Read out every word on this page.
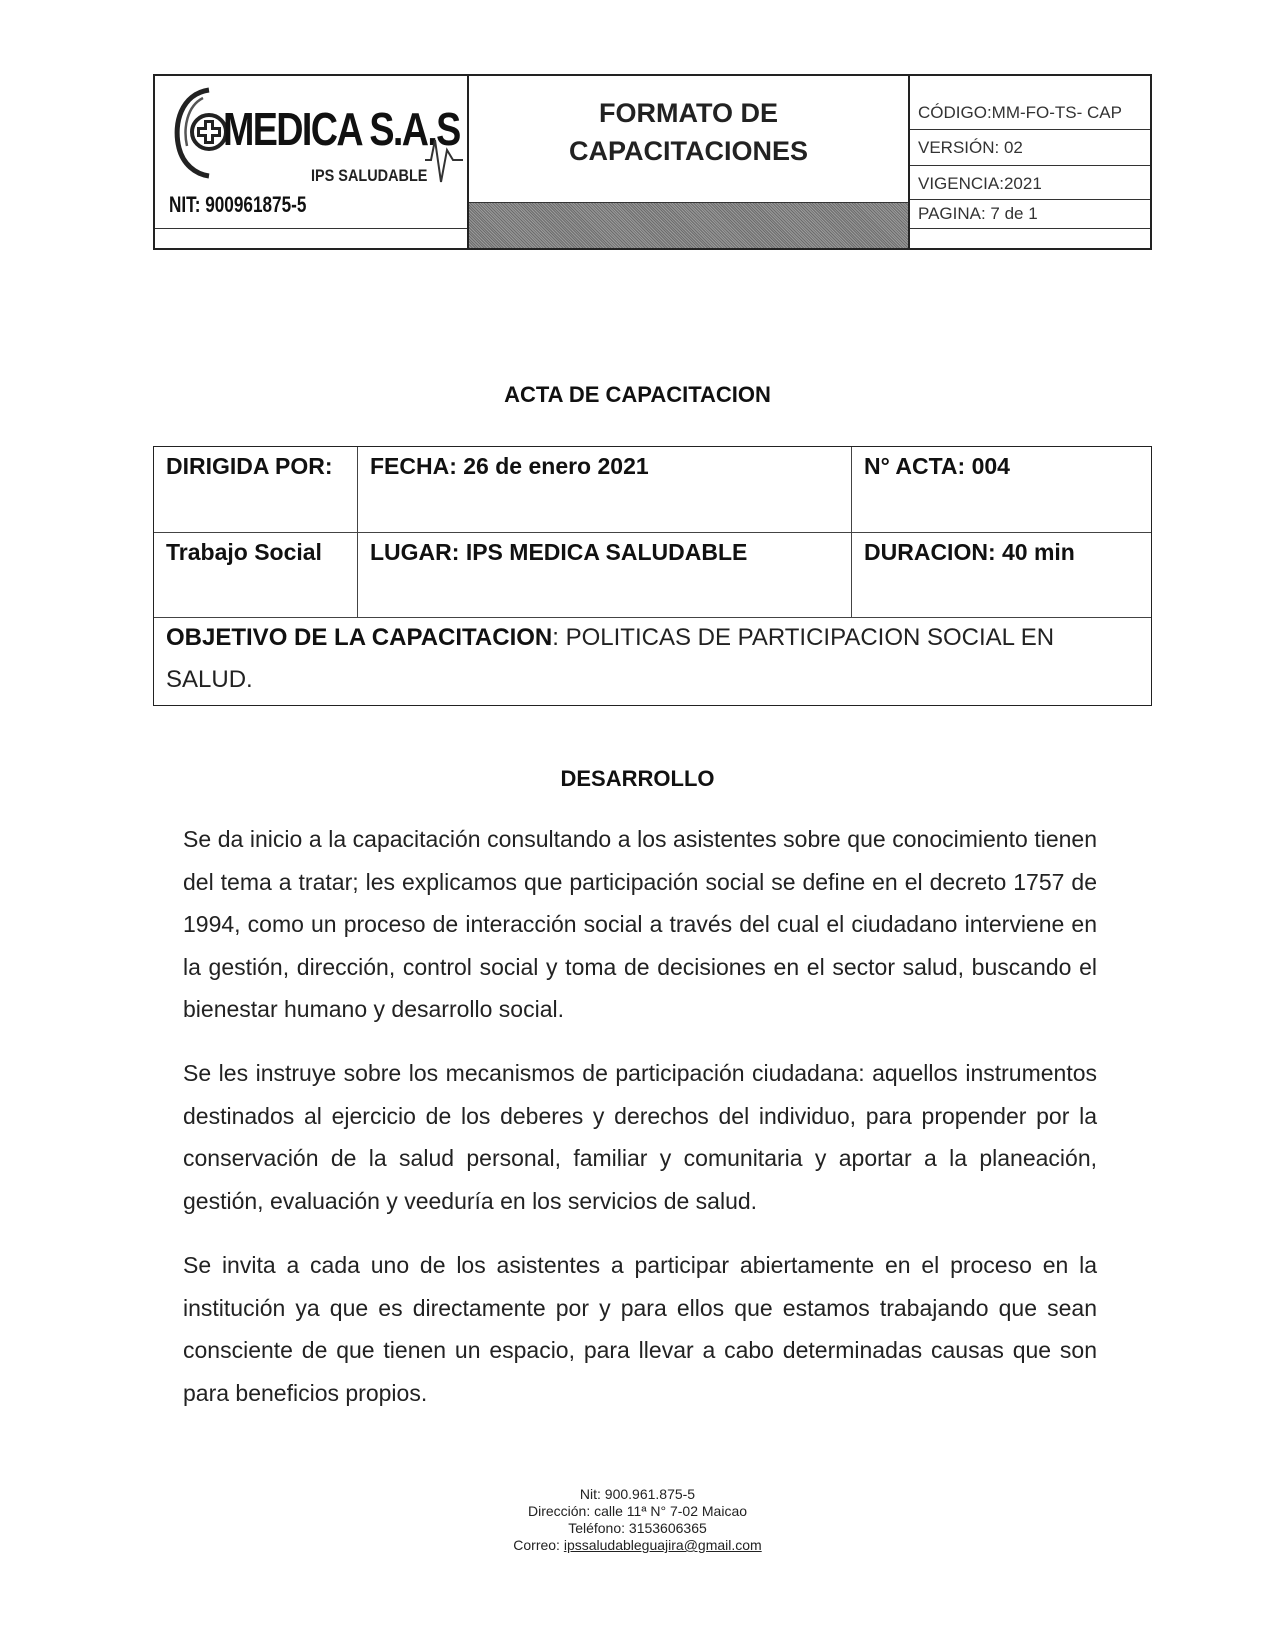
MEDICA S.A.S
IPS SALUDABLE
NIT: 900961875-5
FORMATO DE
CAPACITACIONES
CÓDIGO:MM-FO-TS- CAP
VERSIÓN: 02
VIGENCIA:2021
PAGINA: 7 de 1
ACTA DE CAPACITACION
DIRIGIDA POR: FECHA: 26 de enero 2021	N° ACTA: 004
Trabajo Social LUGAR: IPS MEDICA SALUDABLE	DURACION: 40 min
OBJETIVO DE LA CAPACITACION: POLITICAS DE PARTICIPACION SOCIAL EN SALUD.
DESARROLLO
Se da inicio a la capacitación consultando a los asistentes sobre que conocimiento tienen del tema a tratar; les explicamos que participación social se define en el decreto 1757 de 1994, como un proceso de interacción social a través del cual el ciudadano interviene en la gestión, dirección, control social y toma de decisiones en el sector salud, buscando el bienestar humano y desarrollo social.
Se les instruye sobre los mecanismos de participación ciudadana: aquellos instrumentos destinados al ejercicio de los deberes y derechos del individuo, para propender por la conservación de la salud personal, familiar y comunitaria y aportar a la planeación, gestión, evaluación y veeduría en los servicios de salud.
Se invita a cada uno de los asistentes a participar abiertamente en el proceso en la institución ya que es directamente por y para ellos que estamos trabajando que sean consciente de que tienen un espacio, para llevar a cabo determinadas causas que son para beneficios propios.
Nit: 900.961.875-5
Dirección: calle 11ª N° 7-02 Maicao
Teléfono: 3153606365
Correo: ipssaludableguajira@gmail.com
